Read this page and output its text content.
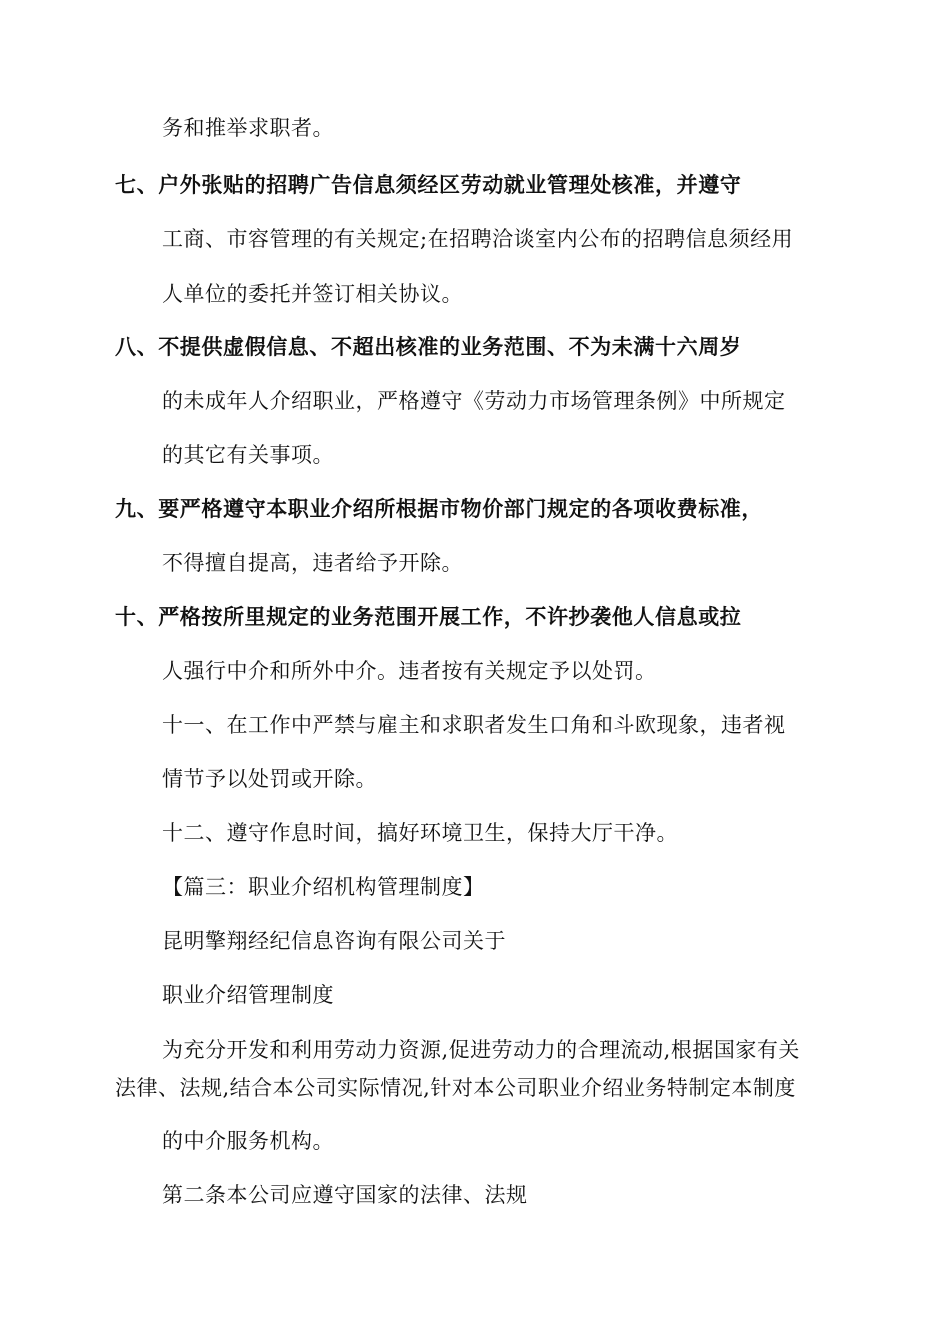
务和推举求职者。
七、户外张贴的招聘广告信息须经区劳动就业管理处核准，并遵守
工商、市容管理的有关规定;在招聘洽谈室内公布的招聘信息须经用
人单位的委托并签订相关协议。
八、不提供虚假信息、不超出核准的业务范围、不为未满十六周岁
的未成年人介绍职业，严格遵守《劳动力市场管理条例》中所规定
的其它有关事项。
九、要严格遵守本职业介绍所根据市物价部门规定的各项收费标准，
不得擅自提高，违者给予开除。
十、严格按所里规定的业务范围开展工作，不许抄袭他人信息或拉
人强行中介和所外中介。违者按有关规定予以处罚。
十一、在工作中严禁与雇主和求职者发生口角和斗欧现象，违者视
情节予以处罚或开除。
十二、遵守作息时间，搞好环境卫生，保持大厅干净。
【篇三：职业介绍机构管理制度】
昆明擎翔经纪信息咨询有限公司关于
职业介绍管理制度
为充分开发和利用劳动力资源,促进劳动力的合理流动,根据国家有关
法律、法规,结合本公司实际情况,针对本公司职业介绍业务特制定本制度
的中介服务机构。
第二条本公司应遵守国家的法律、法规
